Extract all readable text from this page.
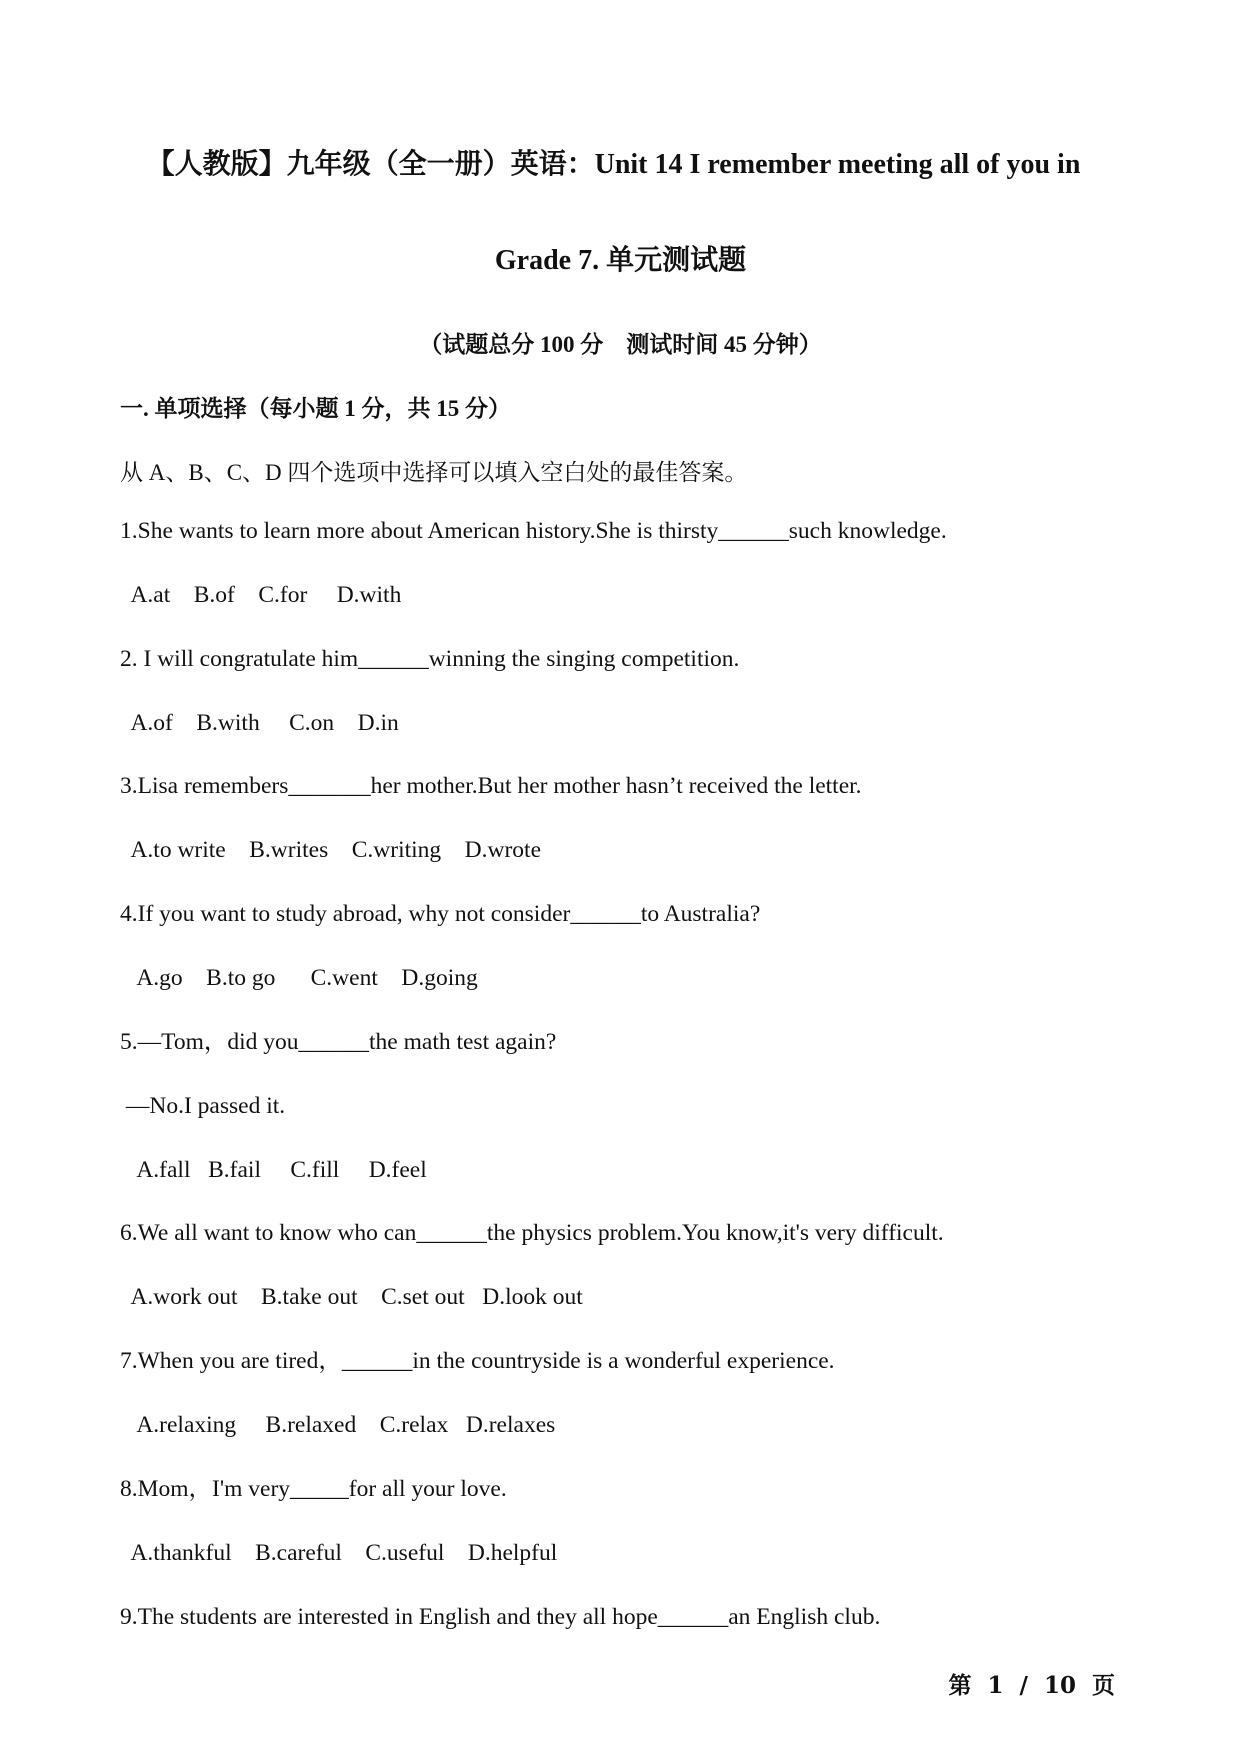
【人教版】九年级（全一册）英语：Unit 14 I remember meeting all of you in
Grade 7. 单元测试题
（试题总分 100 分　测试时间 45 分钟）
一. 单项选择（每小题 1 分，共 15 分）
从 A、B、C、D 四个选项中选择可以填入空白处的最佳答案。
1.She wants to learn more about American history.She is thirsty______such knowledge.
A.at    B.of    C.for     D.with
2. I will congratulate him______winning the singing competition.
A.of    B.with     C.on    D.in
3.Lisa remembers_______her mother.But her mother hasn’t received the letter.
A.to write    B.writes    C.writing    D.wrote
4.If you want to study abroad, why not consider______to Australia?
A.go    B.to go      C.went    D.going
5.—Tom，did you______the math test again?
—No.I passed it.
A.fall   B.fail     C.fill     D.feel
6.We all want to know who can______the physics problem.You know,it's very difficult.
A.work out    B.take out    C.set out   D.look out
7.When you are tired，______in the countryside is a wonderful experience.
A.relaxing     B.relaxed    C.relax   D.relaxes
8.Mom，I'm very_____for all your love.
A.thankful    B.careful    C.useful    D.helpful
9.The students are interested in English and they all hope______an English club.
第  1  /  10  页
